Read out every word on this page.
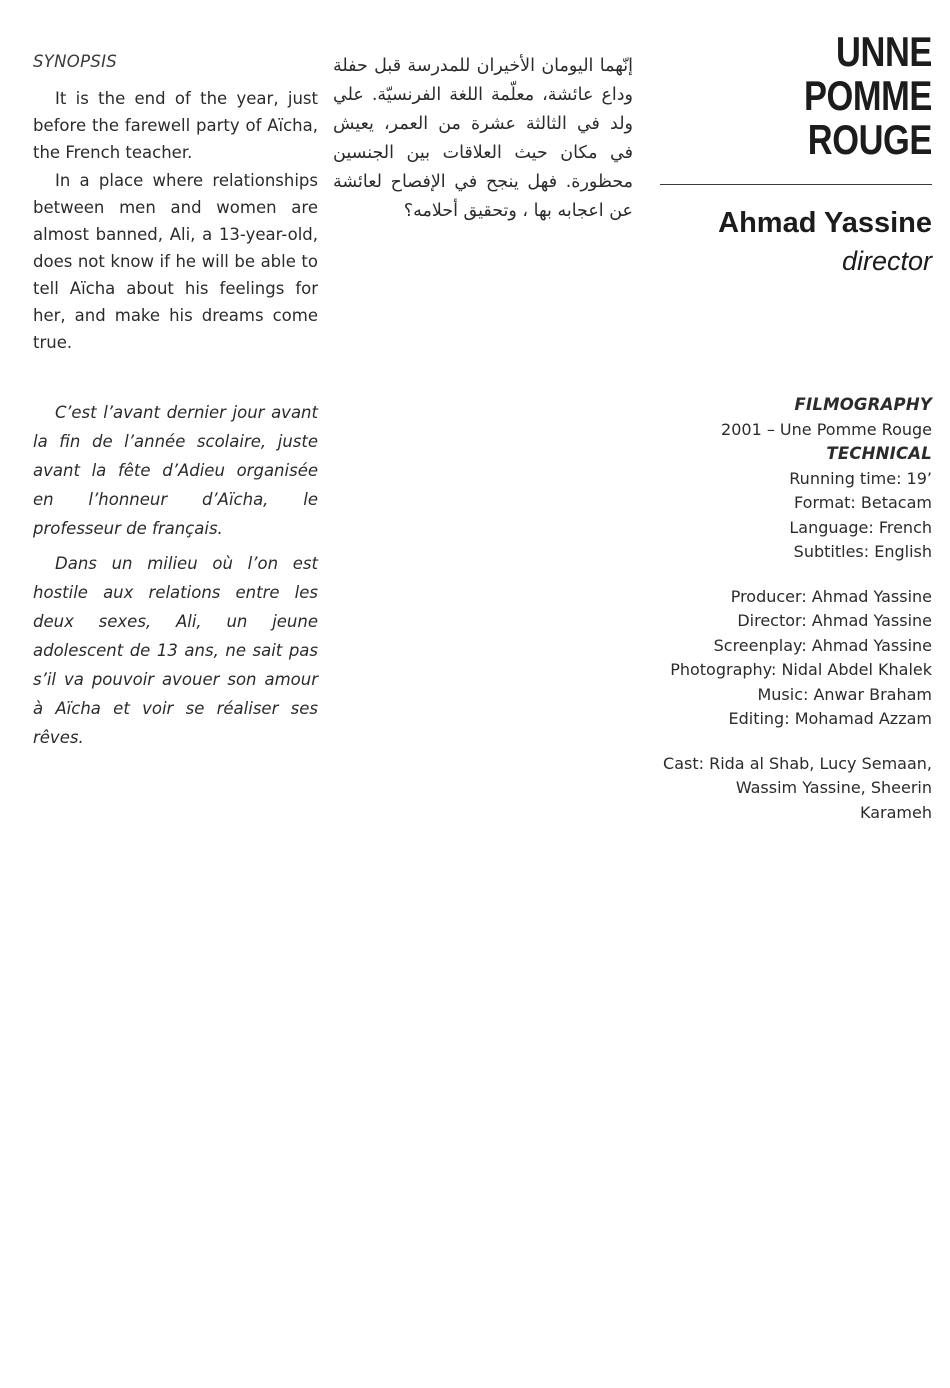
SYNOPSIS

It is the end of the year, just before the farewell party of Aïcha, the French teacher.

In a place where relationships between men and women are almost banned, Ali, a 13-year-old, does not know if he will be able to tell Aïcha about his feelings for her, and make his dreams come true.

C’est l’avant dernier jour avant la fin de l’année scolaire, juste avant la fête d’Adieu organisée en l’honneur d’Aïcha, le professeur de français.

Dans un milieu où l’on est hostile aux relations entre les deux sexes, Ali, un jeune adolescent de 13 ans, ne sait pas s’il va pouvoir avouer son amour à Aïcha et voir se réaliser ses rêves.

إنّهما اليومان الأخيران للمدرسة قبل حفلة وداع عائشة، معلّمة اللغة الفرنسيّة. علي ولد في الثالثة عشرة من العمر، يعيش في مكان حيث العلاقات بين الجنسين محظورة. فهل ينجح في الإفصاح لعائشة عن اعجابه بها ، وتحقيق أحلامه؟

UNNE POMME ROUGE
Ahmad Yassine
director

FILMOGRAPHY

2001 – Une Pomme Rouge

TECHNICAL

Running time: 19’

Format: Betacam

Language: French

Subtitles: English

Producer: Ahmad Yassine

Director: Ahmad Yassine

Screenplay: Ahmad Yassine

Photography: Nidal Abdel Khalek

Music: Anwar Braham

Editing: Mohamad Azzam

Cast: Rida al Shab, Lucy Semaan, Wassim Yassine, Sheerin Karameh
